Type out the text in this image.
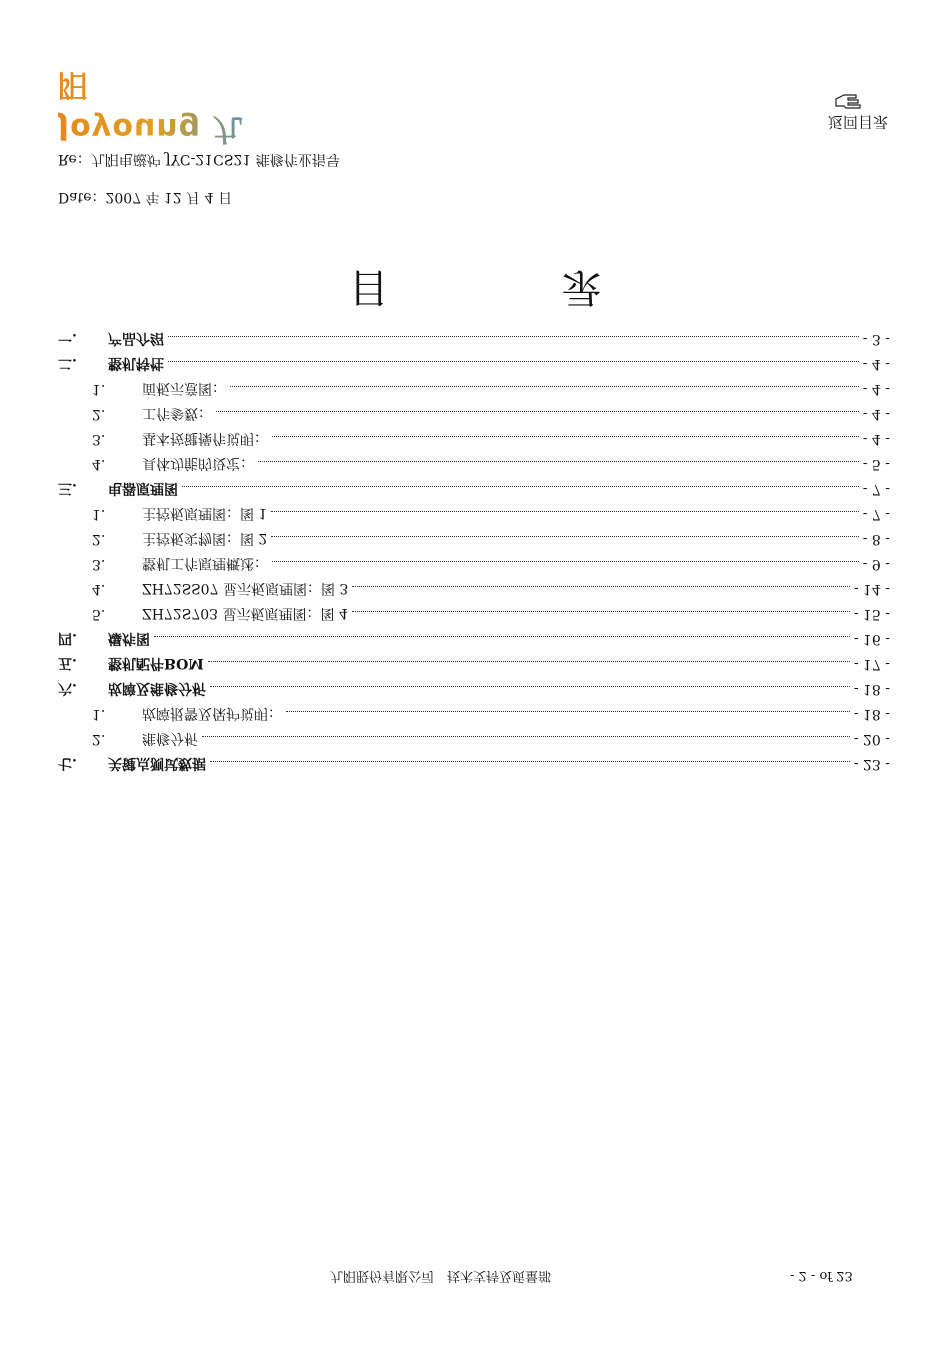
Joyoung 九阳
返回目录
Re：九阳电磁炉 JYC-21CS21 维修作业指导
Date：2007 年 12 月 4 日
目 录
一.	产品介绍	- 3 -
二.	整机特性	- 4 -
1.	面板示意图：	- 4 -
2.	工作参数：	- 4 -
3.	基本按键操作说明：	- 4 -
4.	具体功能的设定：	- 5 -
三.	电器原理图	- 7 -
1.	主控板原理图：图 1	- 7 -
2.	主控板实物图：图 2	- 8 -
3.	整机工作原理概述：	- 9 -
4.	ZH72SS07 显示板原理图：图 3	- 14 -
5.	ZH72S703 显示板原理图：图 4	- 15 -
四.	爆炸图	- 16 -
五.	整机配件BOM	- 17 -
六.	故障及维修分析	- 18 -
1.	故障报警及保护说明：	- 18 -
2.	维修分析	- 20 -
七.	关键点测试数据	- 23 -
九阳股份有限公司　技术支持及质量部	- 2 - of 23
